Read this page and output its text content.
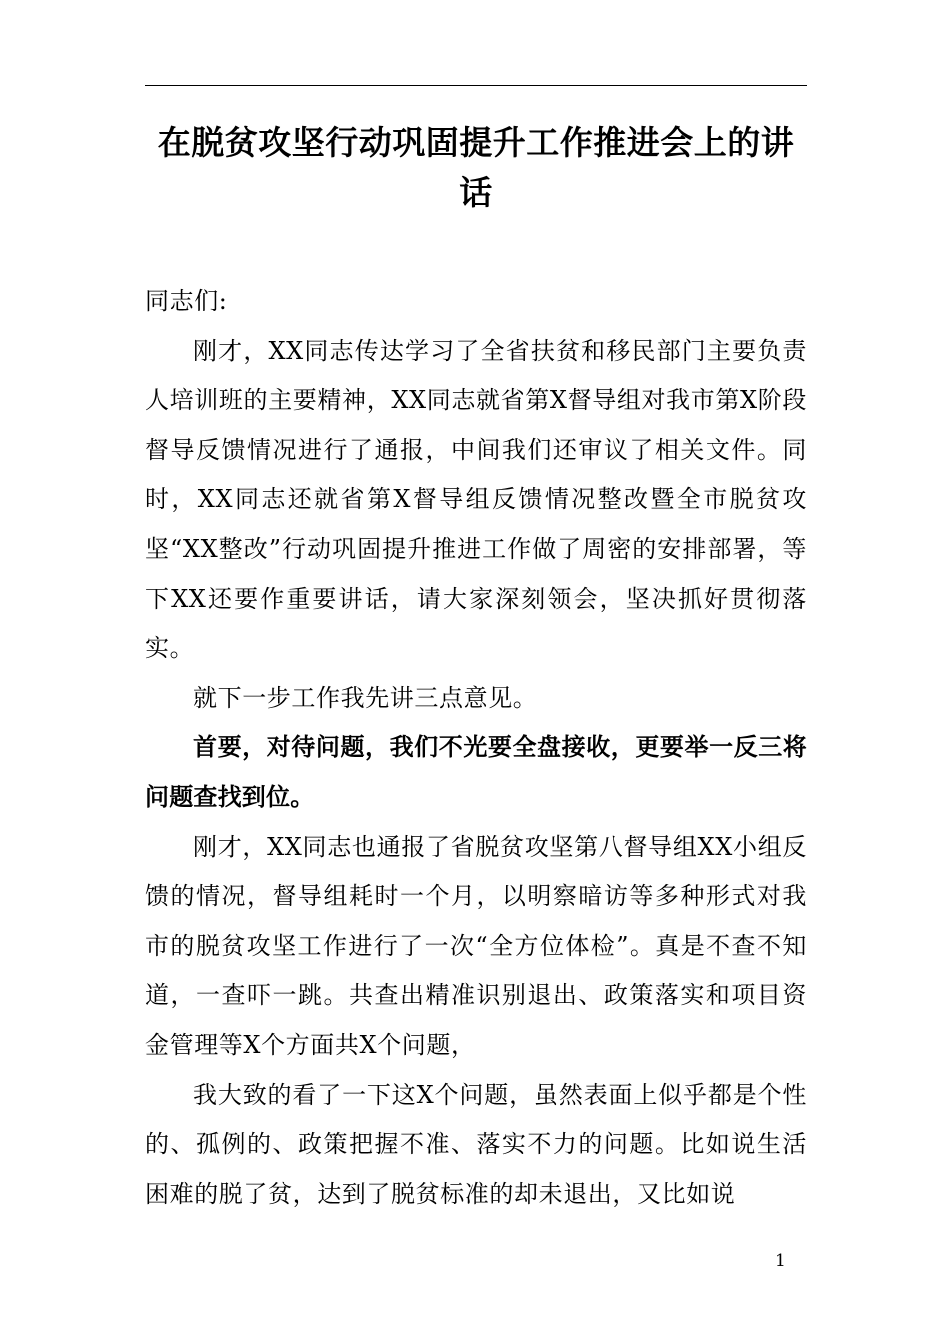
在脱贫攻坚行动巩固提升工作推进会上的讲话

同志们:

刚才，XX同志传达学习了全省扶贫和移民部门主要负责人培训班的主要精神，XX同志就省第X督导组对我市第X阶段督导反馈情况进行了通报，中间我们还审议了相关文件。同时，XX同志还就省第X督导组反馈情况整改暨全市脱贫攻坚“XX整改”行动巩固提升推进工作做了周密的安排部署，等下XX还要作重要讲话，请大家深刻领会，坚决抓好贯彻落实。

就下一步工作我先讲三点意见。

首要，对待问题，我们不光要全盘接收，更要举一反三将问题查找到位。

刚才，XX同志也通报了省脱贫攻坚第八督导组XX小组反馈的情况，督导组耗时一个月，以明察暗访等多种形式对我市的脱贫攻坚工作进行了一次“全方位体检”。真是不查不知道，一查吓一跳。共查出精准识别退出、政策落实和项目资金管理等X个方面共X个问题，

我大致的看了一下这X个问题，虽然表面上似乎都是个性的、孤例的、政策把握不准、落实不力的问题。比如说生活困难的脱了贫，达到了脱贫标准的却未退出，又比如说

1
